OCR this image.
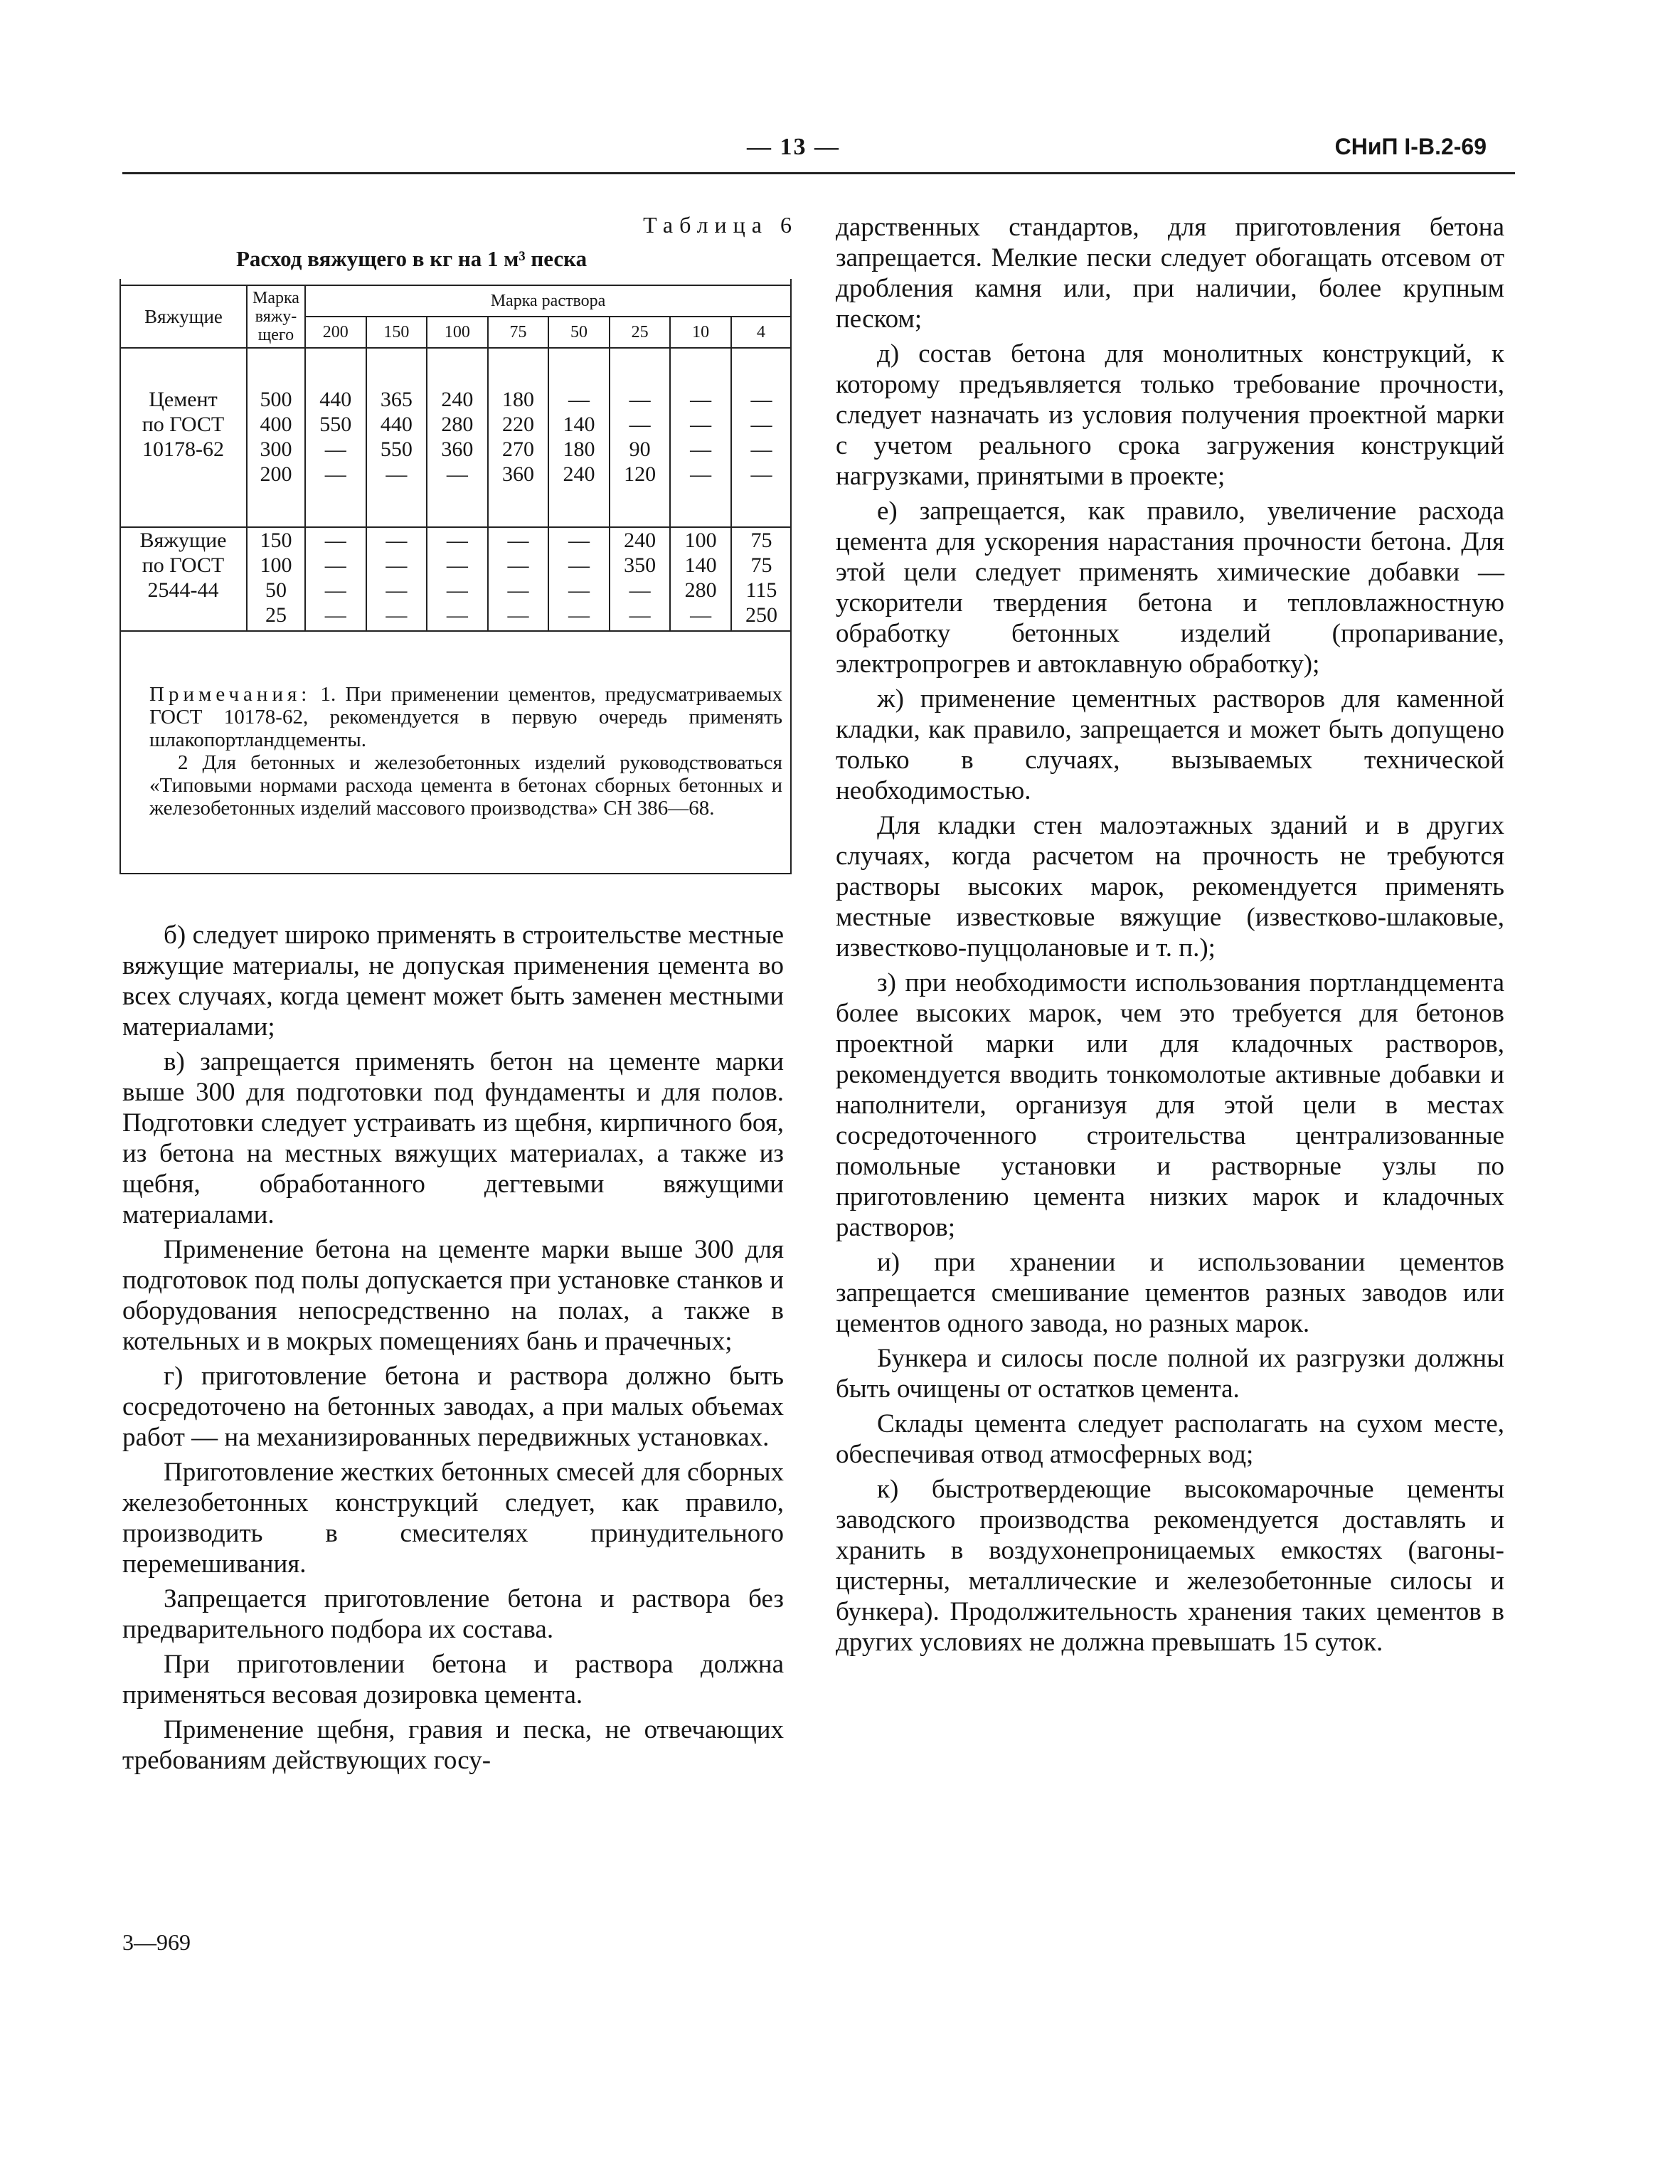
— 13 —	СНиП I-В.2-69
Таблица 6
Расход вяжущего в кг на 1 м³ песка
Вяжущие	Марка вяжу-щего	Марка раствора							
		200	150	100	75	50	25	10	4

Цемент	500	440	365	240	180	—	—	—	—
по ГОСТ	400	550	440	280	220	140	—	—	—
10178-62	300	—	550	360	270	180	90	—	—
	200	—	—	—	360	240	120	—	—

Вяжущие	150	—	—	—	—	—	240	100	75
по ГОСТ	100	—	—	—	—	—	350	140	75
2544-44	50	—	—	—	—	—	—	280	115
	25	—	—	—	—	—	—	—	250

Примечания: 1. При применении цементов, предусматриваемых ГОСТ 10178-62, рекомендуется в первую очередь применять шлакопортландцементы.

2 Для бетонных и железобетонных изделий руководствоваться «Типовыми нормами расхода цемента в бетонах сборных бетонных и железобетонных изделий массового производства» СН 386—68.

б) следует широко применять в строительстве местные вяжущие материалы, не допуская применения цемента во всех случаях, когда цемент может быть заменен местными материалами;

в) запрещается применять бетон на цементе марки выше 300 для подготовки под фундаменты и для полов. Подготовки следует устраивать из щебня, кирпичного боя, из бетона на местных вяжущих материалах, а также из щебня, обработанного дегтевыми вяжущими материалами.

Применение бетона на цементе марки выше 300 для подготовок под полы допускается при установке станков и оборудования непосредственно на полах, а также в котельных и в мокрых помещениях бань и прачечных;

г) приготовление бетона и раствора должно быть сосредоточено на бетонных заводах, а при малых объемах работ — на механизированных передвижных установках.

Приготовление жестких бетонных смесей для сборных железобетонных конструкций следует, как правило, производить в смесителях принудительного перемешивания.

Запрещается приготовление бетона и раствора без предварительного подбора их состава.

При приготовлении бетона и раствора должна применяться весовая дозировка цемента.

Применение щебня, гравия и песка, не отвечающих требованиям действующих госу-

дарственных стандартов, для приготовления бетона запрещается. Мелкие пески следует обогащать отсевом от дробления камня или, при наличии, более крупным песком;

д) состав бетона для монолитных конструкций, к которому предъявляется только требование прочности, следует назначать из условия получения проектной марки с учетом реального срока загружения конструкций нагрузками, принятыми в проекте;

е) запрещается, как правило, увеличение расхода цемента для ускорения нарастания прочности бетона. Для этой цели следует применять химические добавки — ускорители твердения бетона и тепловлажностную обработку бетонных изделий (пропаривание, электропрогрев и автоклавную обработку);

ж) применение цементных растворов для каменной кладки, как правило, запрещается и может быть допущено только в случаях, вызываемых технической необходимостью.

Для кладки стен малоэтажных зданий и в других случаях, когда расчетом на прочность не требуются растворы высоких марок, рекомендуется применять местные известковые вяжущие (известково-шлаковые, известково-пуццолановые и т. п.);

з) при необходимости использования портландцемента более высоких марок, чем это требуется для бетонов проектной марки или для кладочных растворов, рекомендуется вводить тонкомолотые активные добавки и наполнители, организуя для этой цели в местах сосредоточенного строительства централизованные помольные установки и растворные узлы по приготовлению цемента низких марок и кладочных растворов;

и) при хранении и использовании цементов запрещается смешивание цементов разных заводов или цементов одного завода, но разных марок.

Бункера и силосы после полной их разгрузки должны быть очищены от остатков цемента.

Склады цемента следует располагать на сухом месте, обеспечивая отвод атмосферных вод;

к) быстротвердеющие высокомарочные цементы заводского производства рекомендуется доставлять и хранить в воздухонепроницаемых емкостях (вагоны-цистерны, металлические и железобетонные силосы и бункера). Продолжительность хранения таких цементов в других условиях не должна превышать 15 суток.

3—969
